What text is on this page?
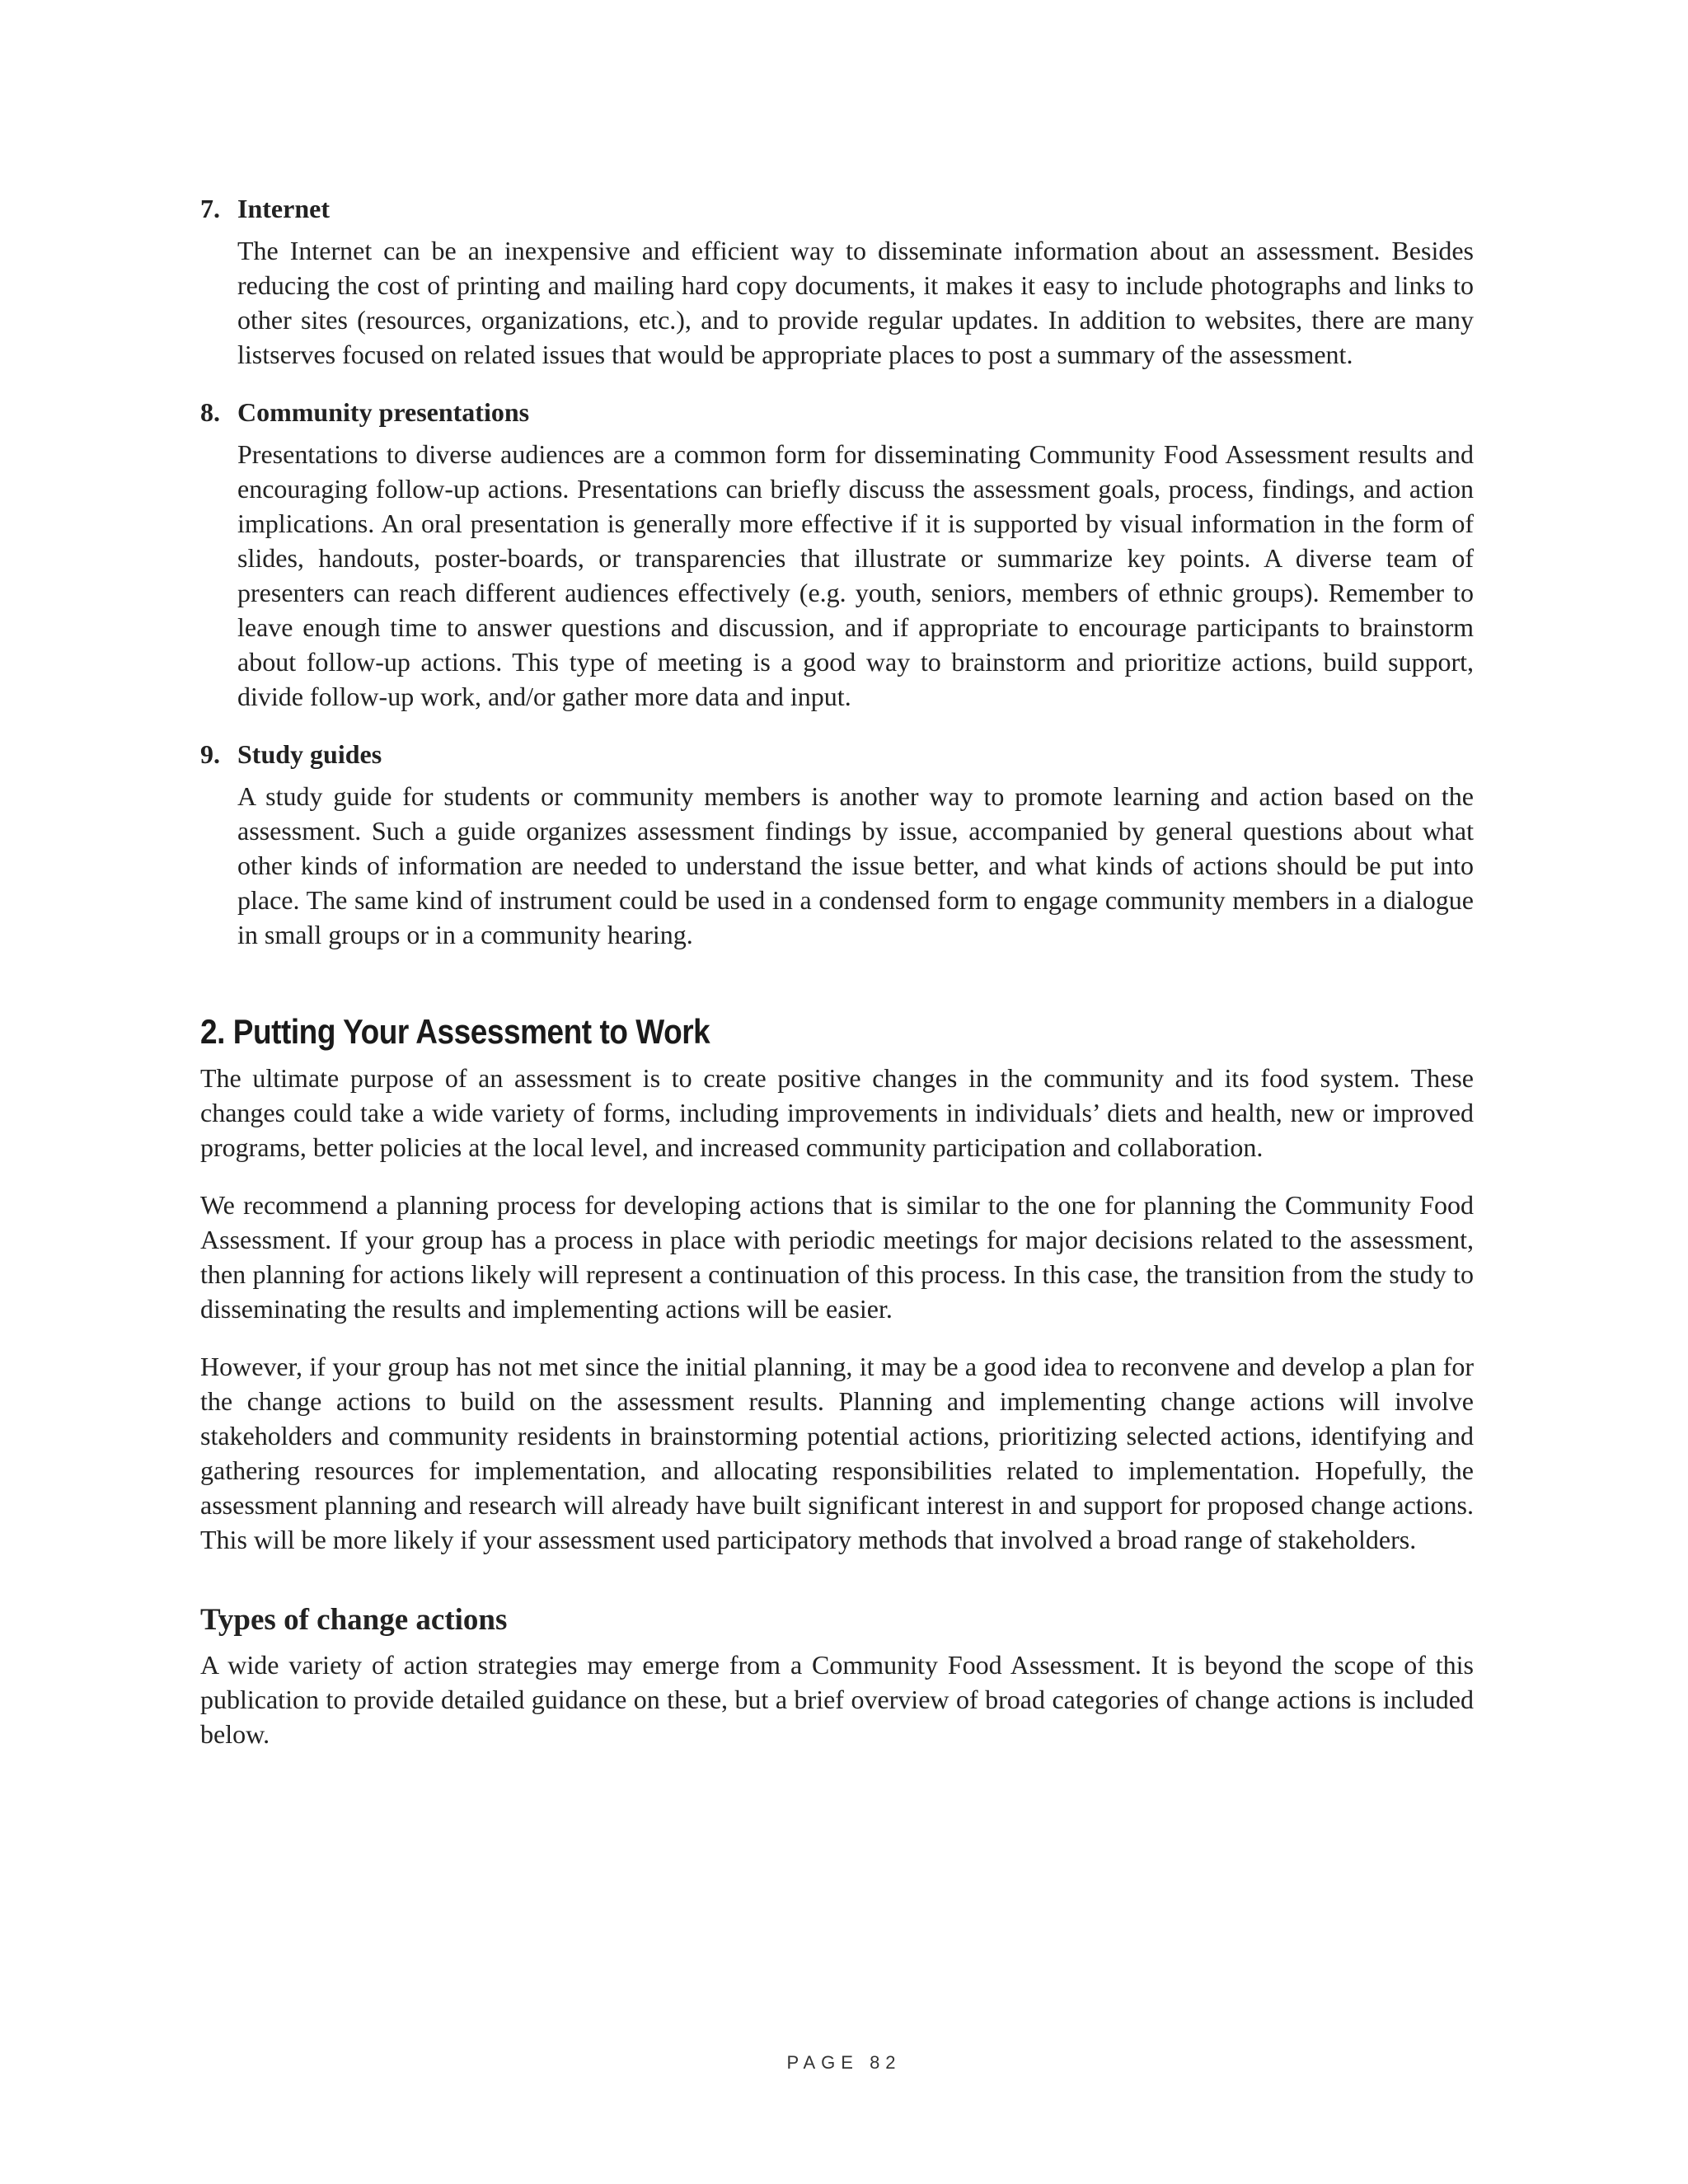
7. Internet
The Internet can be an inexpensive and efficient way to disseminate information about an assessment. Besides reducing the cost of printing and mailing hard copy documents, it makes it easy to include photographs and links to other sites (resources, organizations, etc.), and to provide regular updates. In addition to websites, there are many listserves focused on related issues that would be appropriate places to post a summary of the assessment.
8. Community presentations
Presentations to diverse audiences are a common form for disseminating Community Food Assessment results and encouraging follow-up actions. Presentations can briefly discuss the assessment goals, process, findings, and action implications. An oral presentation is generally more effective if it is supported by visual information in the form of slides, handouts, poster-boards, or transparencies that illustrate or summarize key points. A diverse team of presenters can reach different audiences effectively (e.g. youth, seniors, members of ethnic groups). Remember to leave enough time to answer questions and discussion, and if appropriate to encourage participants to brainstorm about follow-up actions. This type of meeting is a good way to brainstorm and prioritize actions, build support, divide follow-up work, and/or gather more data and input.
9. Study guides
A study guide for students or community members is another way to promote learning and action based on the assessment. Such a guide organizes assessment findings by issue, accompanied by general questions about what other kinds of information are needed to understand the issue better, and what kinds of actions should be put into place. The same kind of instrument could be used in a condensed form to engage community members in a dialogue in small groups or in a community hearing.
2. Putting Your Assessment to Work

The ultimate purpose of an assessment is to create positive changes in the community and its food system. These changes could take a wide variety of forms, including improvements in individuals’ diets and health, new or improved programs, better policies at the local level, and increased community participation and collaboration.

We recommend a planning process for developing actions that is similar to the one for planning the Community Food Assessment. If your group has a process in place with periodic meetings for major decisions related to the assessment, then planning for actions likely will represent a continuation of this process. In this case, the transition from the study to disseminating the results and implementing actions will be easier.

However, if your group has not met since the initial planning, it may be a good idea to reconvene and develop a plan for the change actions to build on the assessment results. Planning and implementing change actions will involve stakeholders and community residents in brainstorming potential actions, prioritizing selected actions, identifying and gathering resources for implementation, and allocating responsibilities related to implementation. Hopefully, the assessment planning and research will already have built significant interest in and support for proposed change actions. This will be more likely if your assessment used participatory methods that involved a broad range of stakeholders.

Types of change actions

A wide variety of action strategies may emerge from a Community Food Assessment. It is beyond the scope of this publication to provide detailed guidance on these, but a brief overview of broad categories of change actions is included below.

PAGE 82
